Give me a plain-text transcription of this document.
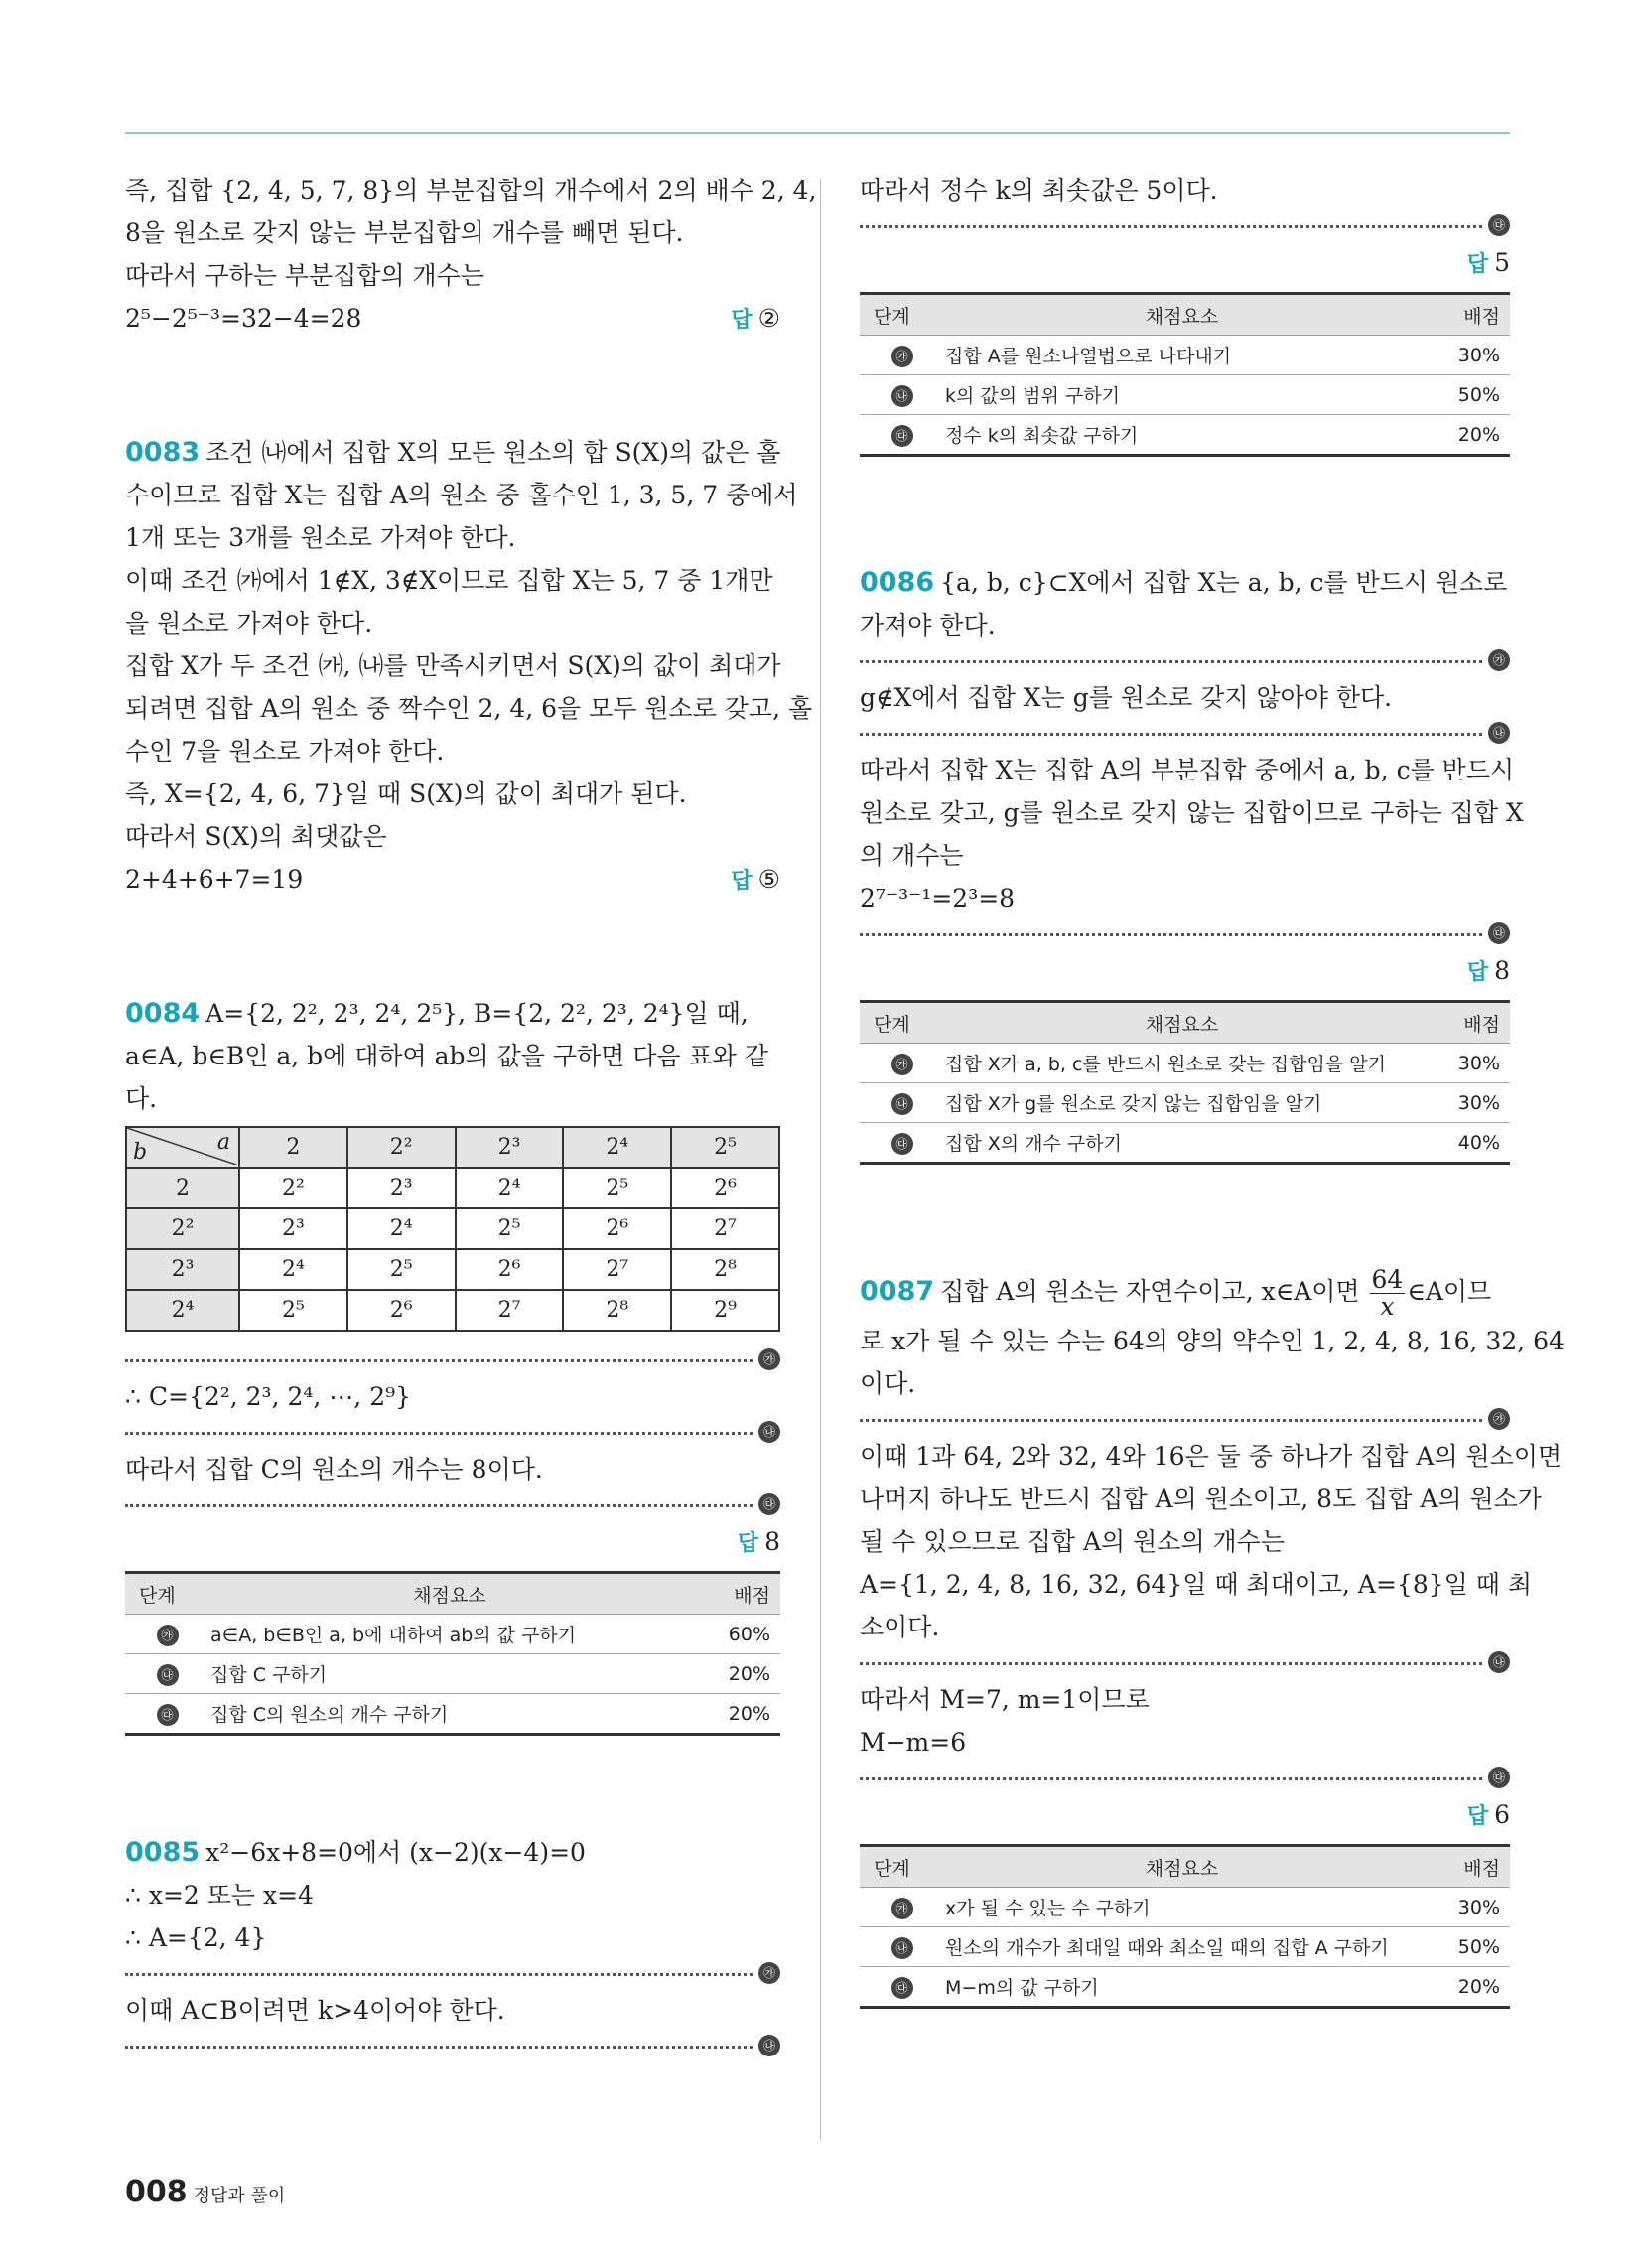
즉, 집합 {2, 4, 5, 7, 8}의 부분집합의 개수에서 2의 배수 2, 4,

8을 원소로 갖지 않는 부분집합의 개수를 빼면 된다.

따라서 구하는 부분집합의 개수는

2⁵−2⁵⁻³=32−4=28	답 ②

0083 조건 ㈏에서 집합 X의 모든 원소의 합 S(X)의 값은 홀

수이므로 집합 X는 집합 A의 원소 중 홀수인 1, 3, 5, 7 중에서

1개 또는 3개를 원소로 가져야 한다.

이때 조건 ㈎에서 1∉X, 3∉X이므로 집합 X는 5, 7 중 1개만

을 원소로 가져야 한다.

집합 X가 두 조건 ㈎, ㈏를 만족시키면서 S(X)의 값이 최대가

되려면 집합 A의 원소 중 짝수인 2, 4, 6을 모두 원소로 갖고, 홀

수인 7을 원소로 가져야 한다.

즉, X={2, 4, 6, 7}일 때 S(X)의 값이 최대가 된다.

따라서 S(X)의 최댓값은

2+4+6+7=19	답 ⑤

0084 A={2, 2², 2³, 2⁴, 2⁵}, B={2, 2², 2³, 2⁴}일 때,

a∈A, b∈B인 a, b에 대하여 ab의 값을 구하면 다음 표와 같

다.

a
b	2	2²	2³	2⁴	2⁵
2	2²	2³	2⁴	2⁵	2⁶
2²	2³	2⁴	2⁵	2⁶	2⁷
2³	2⁴	2⁵	2⁶	2⁷	2⁸
2⁴	2⁵	2⁶	2⁷	2⁸	2⁹
㉮

∴ C={2², 2³, 2⁴, ⋯, 2⁹}

㉯

따라서 집합 C의 원소의 개수는 8이다.

㉰
답 8
단계	채점요소	배점
㉮	a∈A, b∈B인 a, b에 대하여 ab의 값 구하기	60%
㉯	집합 C 구하기	20%
㉰	집합 C의 원소의 개수 구하기	20%

0085 x²−6x+8=0에서 (x−2)(x−4)=0

∴ x=2 또는 x=4

∴ A={2, 4}

㉮

이때 A⊂B이려면 k>4이어야 한다.

㉯

따라서 정수 k의 최솟값은 5이다.

㉰
답 5
단계	채점요소	배점
㉮	집합 A를 원소나열법으로 나타내기	30%
㉯	k의 값의 범위 구하기	50%
㉰	정수 k의 최솟값 구하기	20%

0086 {a, b, c}⊂X에서 집합 X는 a, b, c를 반드시 원소로

가져야 한다.

㉮

g∉X에서 집합 X는 g를 원소로 갖지 않아야 한다.

㉯

따라서 집합 X는 집합 A의 부분집합 중에서 a, b, c를 반드시

원소로 갖고, g를 원소로 갖지 않는 집합이므로 구하는 집합 X

의 개수는

2⁷⁻³⁻¹=2³=8

㉰
답 8
단계	채점요소	배점
㉮	집합 X가 a, b, c를 반드시 원소로 갖는 집합임을 알기	30%
㉯	집합 X가 g를 원소로 갖지 않는 집합임을 알기	30%
㉰	집합 X의 개수 구하기	40%

0087 집합 A의 원소는 자연수이고, x∈A이면 $\frac{64}{x}$ ∈A이므

로 x가 될 수 있는 수는 64의 양의 약수인 1, 2, 4, 8, 16, 32, 64

이다.

㉮

이때 1과 64, 2와 32, 4와 16은 둘 중 하나가 집합 A의 원소이면

나머지 하나도 반드시 집합 A의 원소이고, 8도 집합 A의 원소가

될 수 있으므로 집합 A의 원소의 개수는

A={1, 2, 4, 8, 16, 32, 64}일 때 최대이고, A={8}일 때 최

소이다.

㉯

따라서 M=7, m=1이므로

M−m=6

㉰
답 6
단계	채점요소	배점
㉮	x가 될 수 있는 수 구하기	30%
㉯	원소의 개수가 최대일 때와 최소일 때의 집합 A 구하기	50%
㉰	M−m의 값 구하기	20%
008 정답과 풀이
